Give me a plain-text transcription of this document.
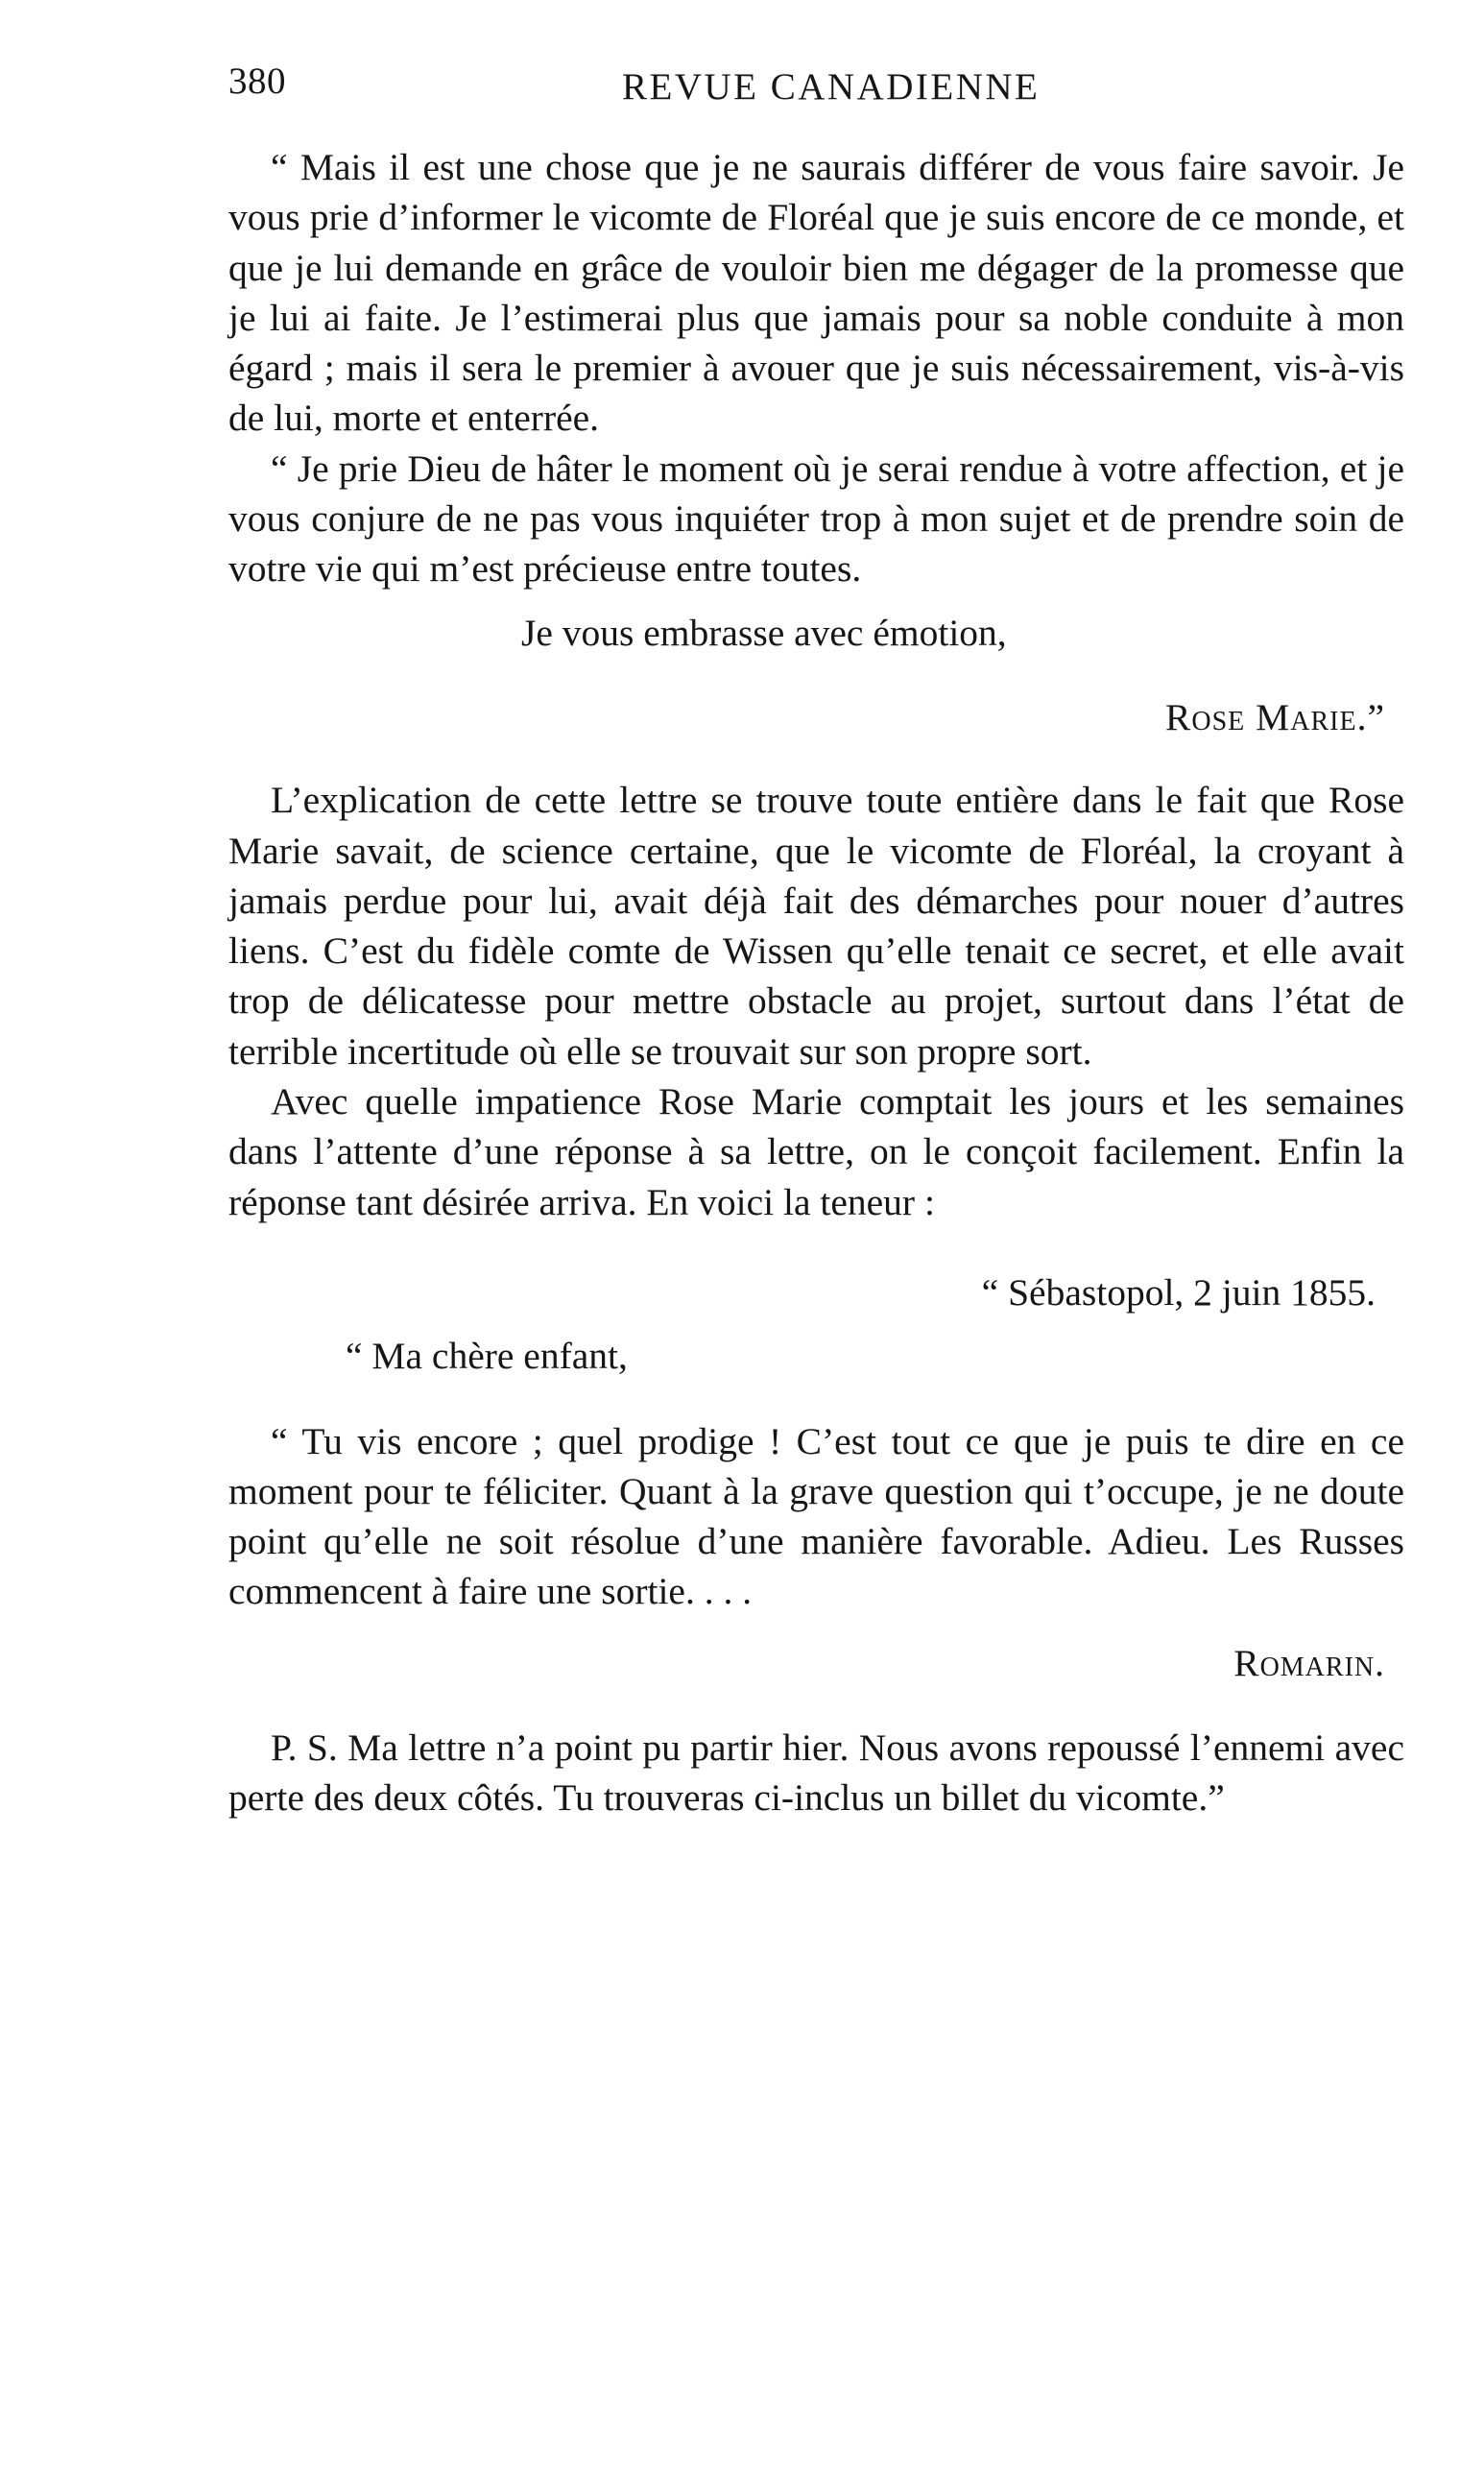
380	REVUE CANADIENNE

“ Mais il est une chose que je ne saurais différer de vous faire savoir. Je vous prie d’informer le vicomte de Floréal que je suis encore de ce monde, et que je lui demande en grâce de vouloir bien me dégager de la promesse que je lui ai faite. Je l’estimerai plus que jamais pour sa noble conduite à mon égard ; mais il sera le premier à avouer que je suis nécessairement, vis-à-vis de lui, morte et enterrée.

“ Je prie Dieu de hâter le moment où je serai rendue à votre affection, et je vous conjure de ne pas vous inquiéter trop à mon sujet et de prendre soin de votre vie qui m’est précieuse entre toutes.

Je vous embrasse avec émotion,
Rose Marie.”

L’explication de cette lettre se trouve toute entière dans le fait que Rose Marie savait, de science certaine, que le vicomte de Floréal, la croyant à jamais perdue pour lui, avait déjà fait des démarches pour nouer d’autres liens. C’est du fidèle comte de Wissen qu’elle tenait ce secret, et elle avait trop de délicatesse pour mettre obstacle au projet, surtout dans l’état de terrible incertitude où elle se trouvait sur son propre sort.

Avec quelle impatience Rose Marie comptait les jours et les semaines dans l’attente d’une réponse à sa lettre, on le conçoit facilement. Enfin la réponse tant désirée arriva. En voici la teneur :

“ Sébastopol, 2 juin 1855.
“ Ma chère enfant,

“ Tu vis encore ; quel prodige ! C’est tout ce que je puis te dire en ce moment pour te féliciter. Quant à la grave question qui t’occupe, je ne doute point qu’elle ne soit résolue d’une manière favorable. Adieu. Les Russes commencent à faire une sortie. . . .

Romarin.

P. S. Ma lettre n’a point pu partir hier. Nous avons repoussé l’ennemi avec perte des deux côtés. Tu trouveras ci-inclus un billet du vicomte.”
